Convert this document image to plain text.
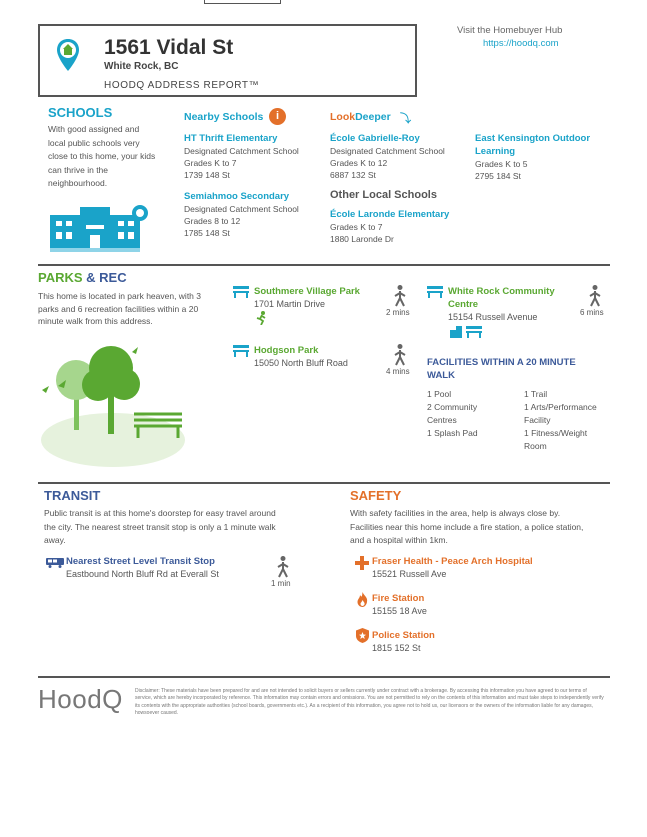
1561 Vidal St
White Rock, BC
HOODQ ADDRESS REPORT™
Visit the Homebuyer Hub
https://hoodq.com
SCHOOLS
With good assigned and local public schools very close to this home, your kids can thrive in the neighbourhood.
Nearby Schools	i	LookDeeper ⤵
HT Thrift Elementary
Designated Catchment School
Grades K to 7
1739 148 St
Semiahmoo Secondary
Designated Catchment School
Grades 8 to 12
1785 148 St
École Gabrielle-Roy
Designated Catchment School
Grades K to 12
6887 132 St
East Kensington Outdoor Learning
Grades K to 5
2795 184 St
Other Local Schools
École Laronde Elementary
Grades K to 7
1880 Laronde Dr
PARKS & REC
This home is located in park heaven, with 3 parks and 6 recreation facilities within a 20 minute walk from this address.
Southmere Village Park
1701 Martin Drive
2 mins
White Rock Community Centre
15154 Russell Avenue	6 mins
Hodgson Park
15050 North Bluff Road
4 mins
FACILITIES WITHIN A 20 MINUTE WALK
1 Pool
2 Community Centres
1 Splash Pad
1 Trail
1 Arts/Performance Facility
1 Fitness/Weight Room
TRANSIT
Public transit is at this home's doorstep for easy travel around the city. The nearest street transit stop is only a 1 minute walk away.
Nearest Street Level Transit Stop
Eastbound North Bluff Rd at Everall St
1 min
SAFETY
With safety facilities in the area, help is always close by. Facilities near this home include a fire station, a police station, and a hospital within 1km.
Fraser Health - Peace Arch Hospital
15521 Russell Ave
Fire Station
15155 18 Ave
Police Station
1815 152 St
HoodQ Disclaimer: These materials have been prepared for and are not intended to solicit buyers or sellers currently under contract with a brokerage. By accessing this information you have agreed to our terms of service, which are hereby incorporated by reference. This information may contain errors and omissions. You are not permitted to rely on the contents of this information and must take steps to independently verify its contents with the appropriate authorities (school boards, governments etc.). As a recipient of this information, you agree not to hold us, our licensors or the owners of the information liable for any damages, howsoever caused.
